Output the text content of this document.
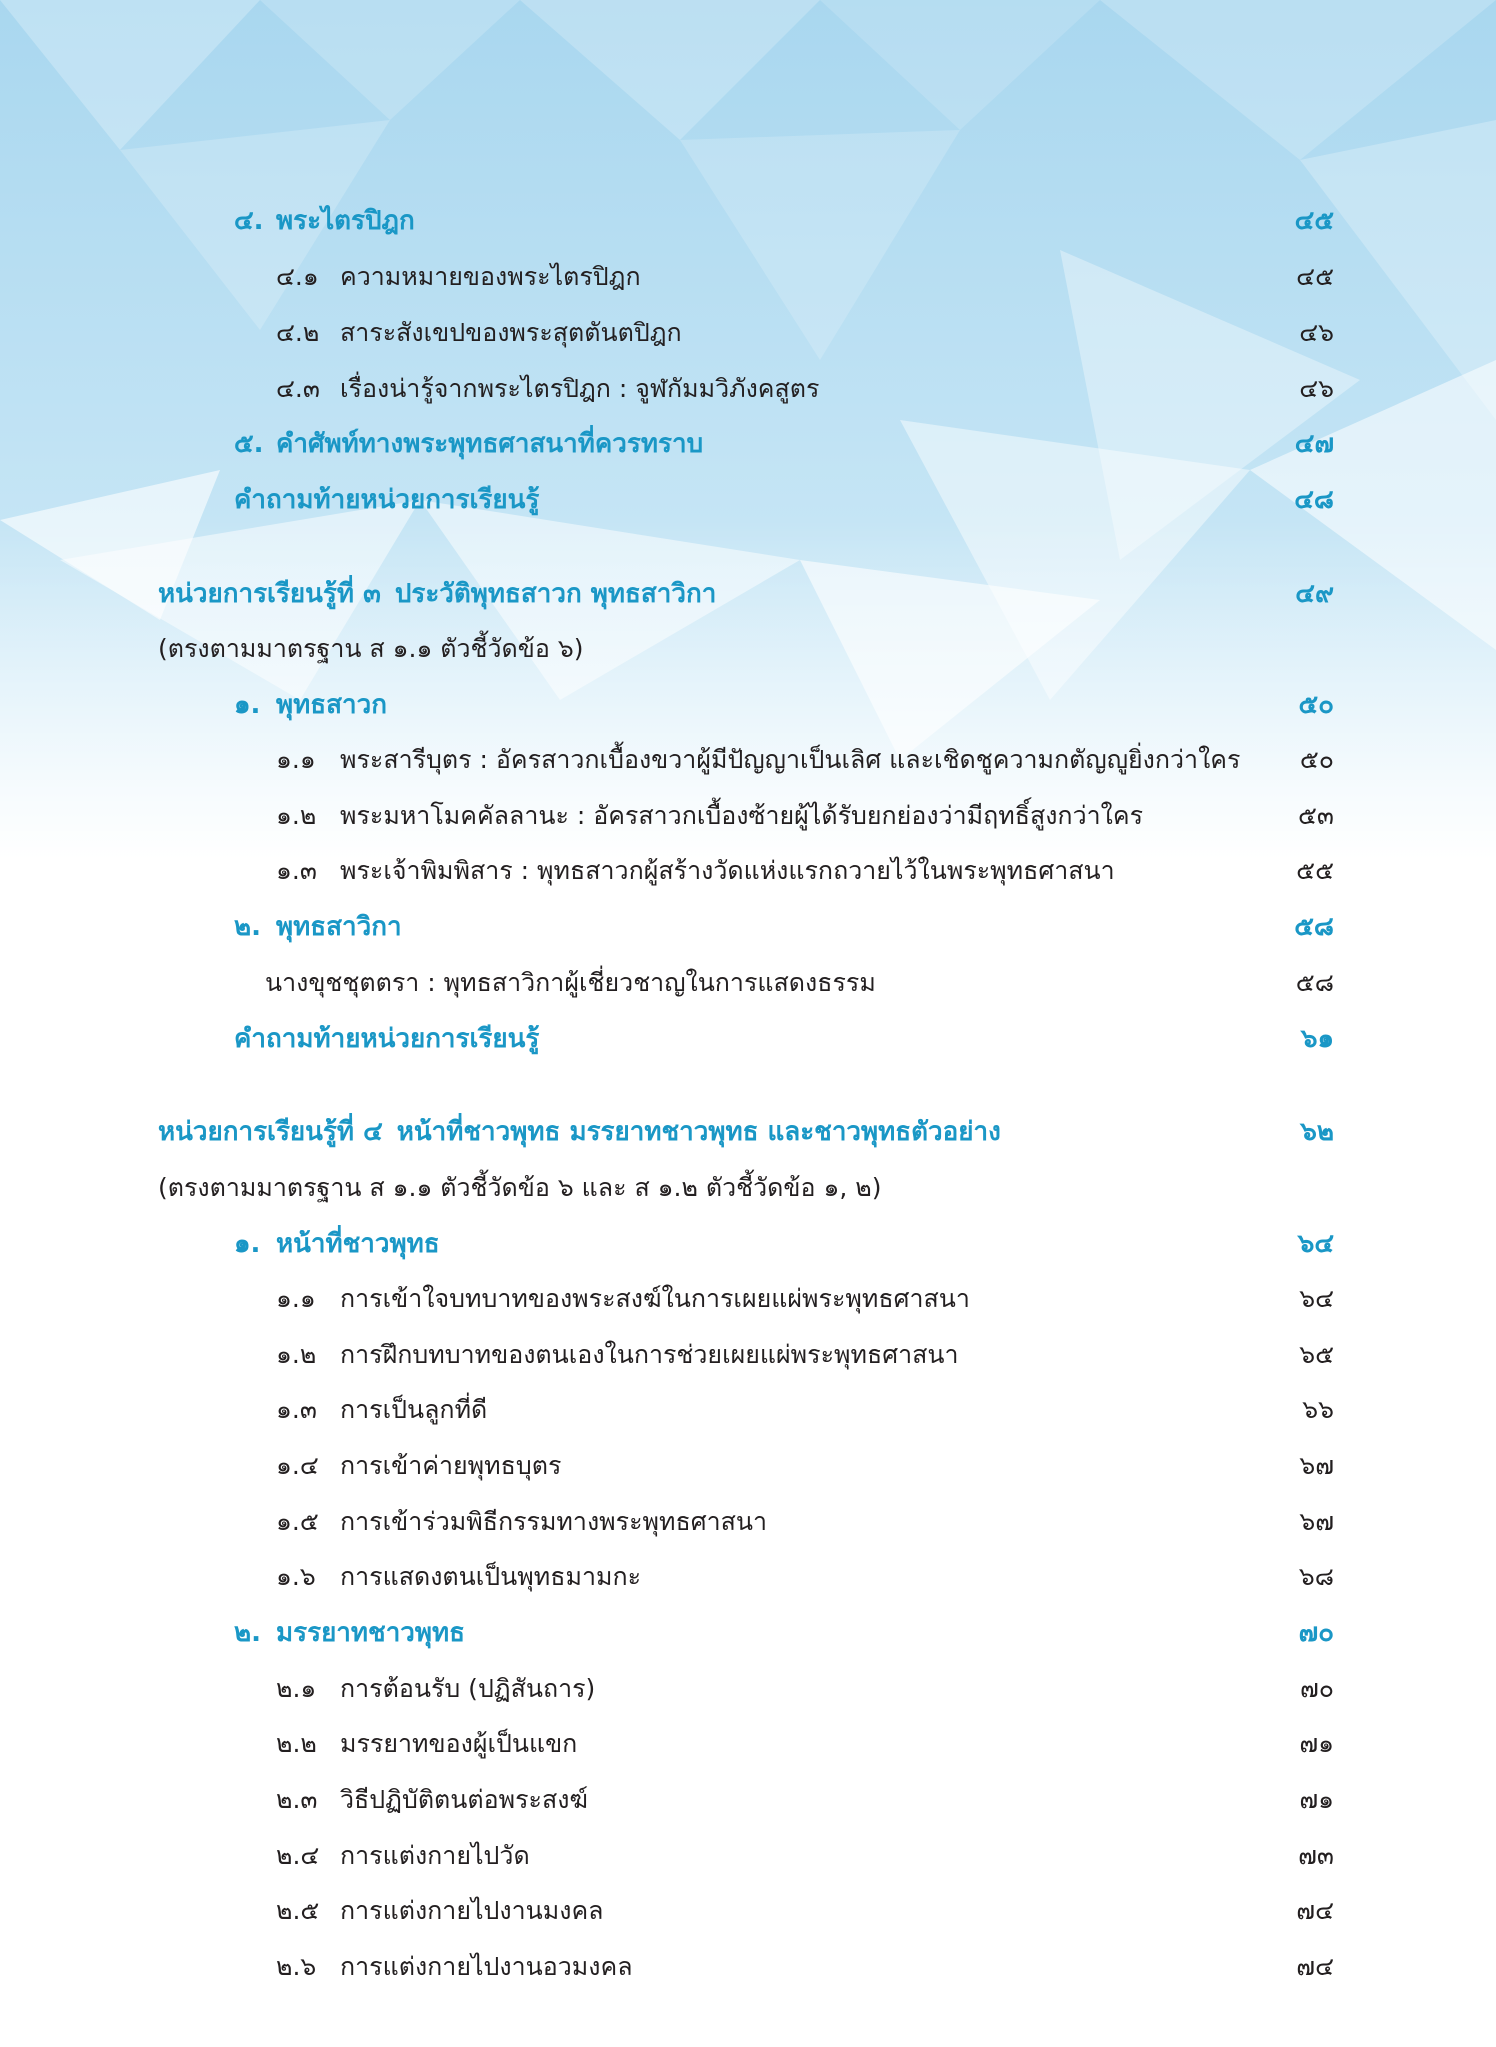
๔. พระไตรปิฎก	๔๕
๔.๑ ความหมายของพระไตรปิฎก	๔๕
๔.๒ สาระสังเขปของพระสุตตันตปิฎก	๔๖
๔.๓ เรื่องน่ารู้จากพระไตรปิฎก : จูฬกัมมวิภังคสูตร	๔๖
๕. คำศัพท์ทางพระพุทธศาสนาที่ควรทราบ	๔๗
คำถามท้ายหน่วยการเรียนรู้	๔๘
หน่วยการเรียนรู้ที่ ๓ ประวัติพุทธสาวก พุทธสาวิกา	๔๙
(ตรงตามมาตรฐาน ส ๑.๑ ตัวชี้วัดข้อ ๖)
๑. พุทธสาวก	๕๐
๑.๑ พระสารีบุตร : อัครสาวกเบื้องขวาผู้มีปัญญาเป็นเลิศ และเชิดชูความกตัญญูยิ่งกว่าใคร ๕๐
๑.๒ พระมหาโมคคัลลานะ : อัครสาวกเบื้องซ้ายผู้ได้รับยกย่องว่ามีฤทธิ์สูงกว่าใคร	๕๓
๑.๓ พระเจ้าพิมพิสาร : พุทธสาวกผู้สร้างวัดแห่งแรกถวายไว้ในพระพุทธศาสนา	๕๕
๒. พุทธสาวิกา	๕๘
นางขุชชุตตรา : พุทธสาวิกาผู้เชี่ยวชาญในการแสดงธรรม	๕๘
คำถามท้ายหน่วยการเรียนรู้	๖๑
หน่วยการเรียนรู้ที่ ๔ หน้าที่ชาวพุทธ มรรยาทชาวพุทธ และชาวพุทธตัวอย่าง	๖๒
(ตรงตามมาตรฐาน ส ๑.๑ ตัวชี้วัดข้อ ๖ และ ส ๑.๒ ตัวชี้วัดข้อ ๑, ๒)
๑. หน้าที่ชาวพุทธ	๖๔
๑.๑ การเข้าใจบทบาทของพระสงฆ์ในการเผยแผ่พระพุทธศาสนา	๖๔
๑.๒ การฝึกบทบาทของตนเองในการช่วยเผยแผ่พระพุทธศาสนา	๖๕
๑.๓ การเป็นลูกที่ดี	๖๖
๑.๔ การเข้าค่ายพุทธบุตร	๖๗
๑.๕ การเข้าร่วมพิธีกรรมทางพระพุทธศาสนา	๖๗
๑.๖ การแสดงตนเป็นพุทธมามกะ	๖๘
๒. มรรยาทชาวพุทธ	๗๐
๒.๑ การต้อนรับ (ปฏิสันถาร)	๗๐
๒.๒ มรรยาทของผู้เป็นแขก	๗๑
๒.๓ วิธีปฏิบัติตนต่อพระสงฆ์	๗๑
๒.๔ การแต่งกายไปวัด	๗๓
๒.๕ การแต่งกายไปงานมงคล	๗๔
๒.๖ การแต่งกายไปงานอวมงคล	๗๔
